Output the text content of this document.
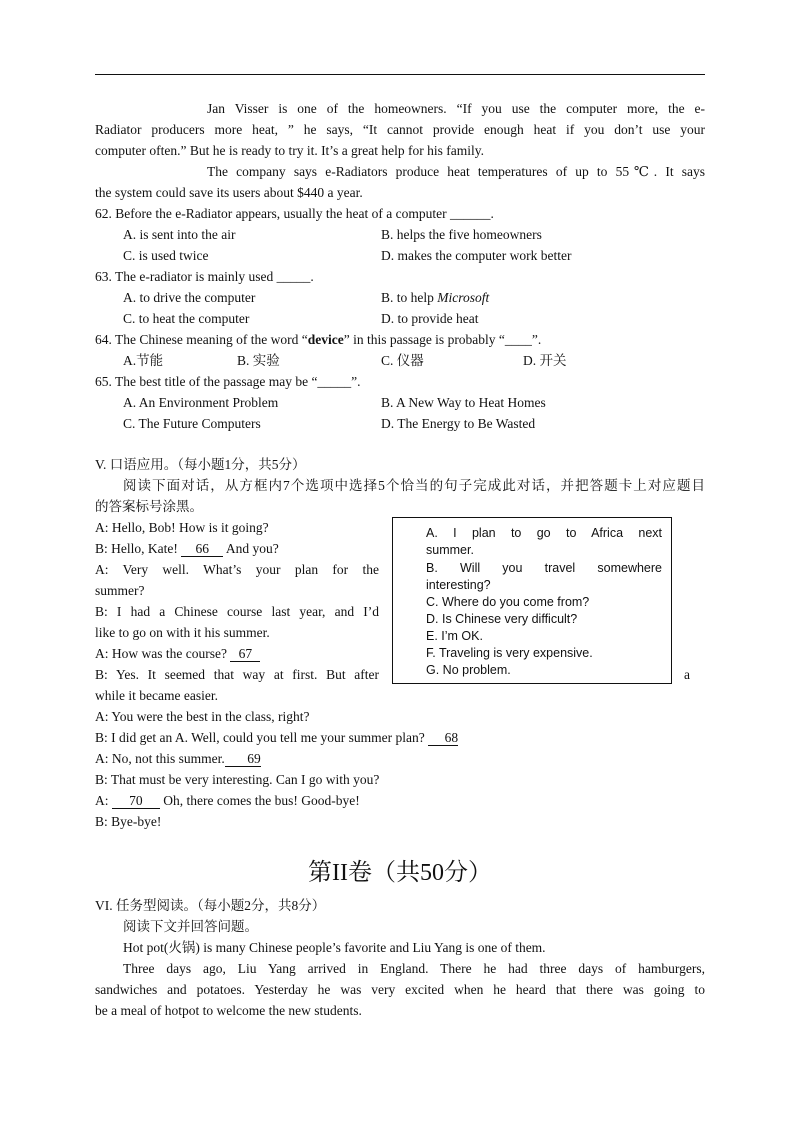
Jan Visser is one of the homeowners. “If you use the computer more, the e-
Radiator producers more heat, ” he says, “It cannot provide enough heat if you don’t use your
computer often.” But he is ready to try it. It’s a great help for his family.
The company says e-Radiators produce heat temperatures of up to 55℃. It says
the system could save its users about $440 a year.
62. Before the e-Radiator appears, usually the heat of a computer ______.
A. is sent into the air	B. helps the five homeowners
C. is used twice	D. makes the computer work better
63. The e-radiator is mainly used _____.
A. to drive the computer	B. to help Microsoft
C. to heat the computer	D. to provide heat
64. The Chinese meaning of the word “device” in this passage is probably “____”.
A.节能	B. 实验	C. 仪器	D. 开关
65. The best title of the passage may be “_____”.
A. An Environment Problem	B. A New Way to Heat Homes
C. The Future Computers	D. The Energy to Be Wasted
V. 口语应用。（每小题1分，共5分）
阅读下面对话，从方框内7个选项中选择5个恰当的句子完成此对话，并把答题卡上对应题目
的答案标号涂黑。
A: Hello, Bob! How is it going?
B: Hello, Kate! 66 And you?
A: Very well. What’s your plan for the
summer?
B: I had a Chinese course last year, and I’d
like to go on with it his summer.
A: How was the course? 67
B: Yes. It seemed that way at first. But after	a
while it became easier.
A: You were the best in the class, right?
B: I did get an A. Well, could you tell me your summer plan? 68
A: No, not this summer. 69
B: That must be very interesting. Can I go with you?
A: 70 Oh, there comes the bus! Good-bye!
B: Bye-bye!
A. I plan to go to Africa next
summer.
B. Will you travel somewhere
interesting?
C. Where do you come from?
D. Is Chinese very difficult?
E. I’m OK.
F. Traveling is very expensive.
G. No problem.
第II卷（共50分）
VI. 任务型阅读。（每小题2分，共8分）
阅读下文并回答问题。
Hot pot(火锅) is many Chinese people’s favorite and Liu Yang is one of them.
Three days ago, Liu Yang arrived in England. There he had three days of hamburgers,
sandwiches and potatoes. Yesterday he was very excited when he heard that there was going to
be a meal of hotpot to welcome the new students.
